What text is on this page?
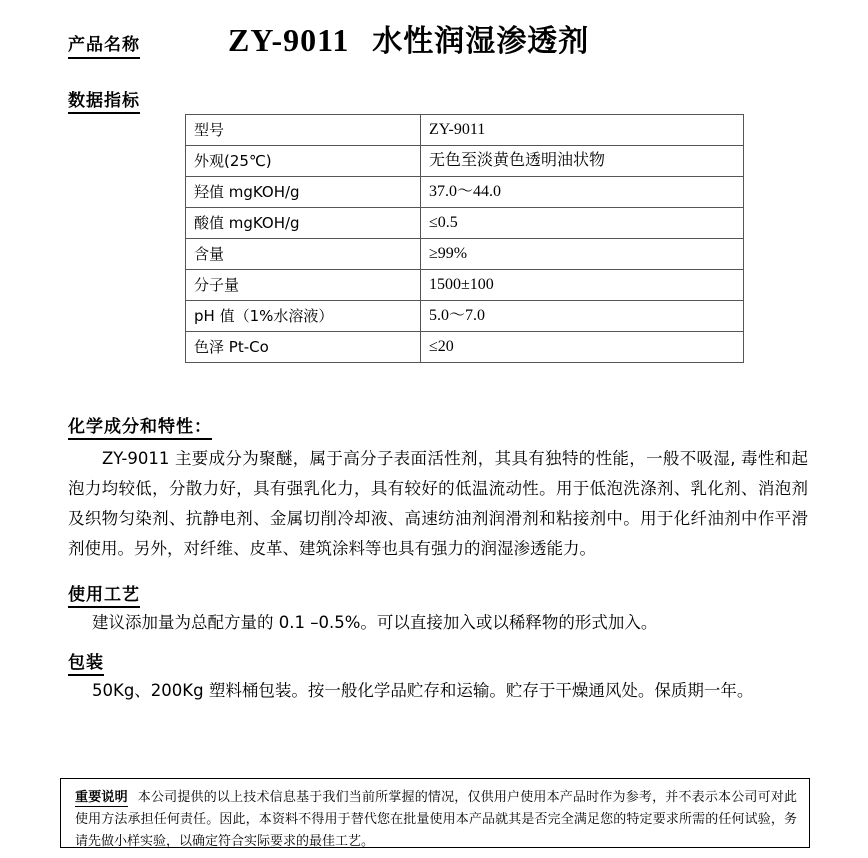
产品名称	ZY-9011 水性润湿渗透剂
数据指标
型号	ZY-9011
外观(25℃)	无色至淡黄色透明油状物
羟值 mgKOH/g	37.0～44.0
酸值 mgKOH/g	≤0.5
含量	≥99%
分子量	1500±100
pH 值（1%水溶液）	5.0～7.0
色泽 Pt-Co	≤20
化学成分和特性：
ZY-9011 主要成分为聚醚，属于高分子表面活性剂，其具有独特的性能，一般不吸湿, 毒性和起泡力均较低，分散力好，具有强乳化力，具有较好的低温流动性。用于低泡洗涤剂、乳化剂、消泡剂及织物匀染剂、抗静电剂、金属切削冷却液、高速纺油剂润滑剂和粘接剂中。用于化纤油剂中作平滑剂使用。另外，对纤维、皮革、建筑涂料等也具有强力的润湿渗透能力。
使用工艺
建议添加量为总配方量的 0.1 –0.5%。可以直接加入或以稀释物的形式加入。
包装
50Kg、200Kg 塑料桶包装。按一般化学品贮存和运输。贮存于干燥通风处。保质期一年。
重要说明 本公司提供的以上技术信息基于我们当前所掌握的情况，仅供用户使用本产品时作为参考，并不表示本公司可对此使用方法承担任何责任。因此，本资料不得用于替代您在批量使用本产品就其是否完全满足您的特定要求所需的任何试验，务请先做小样实验，以确定符合实际要求的最佳工艺。
